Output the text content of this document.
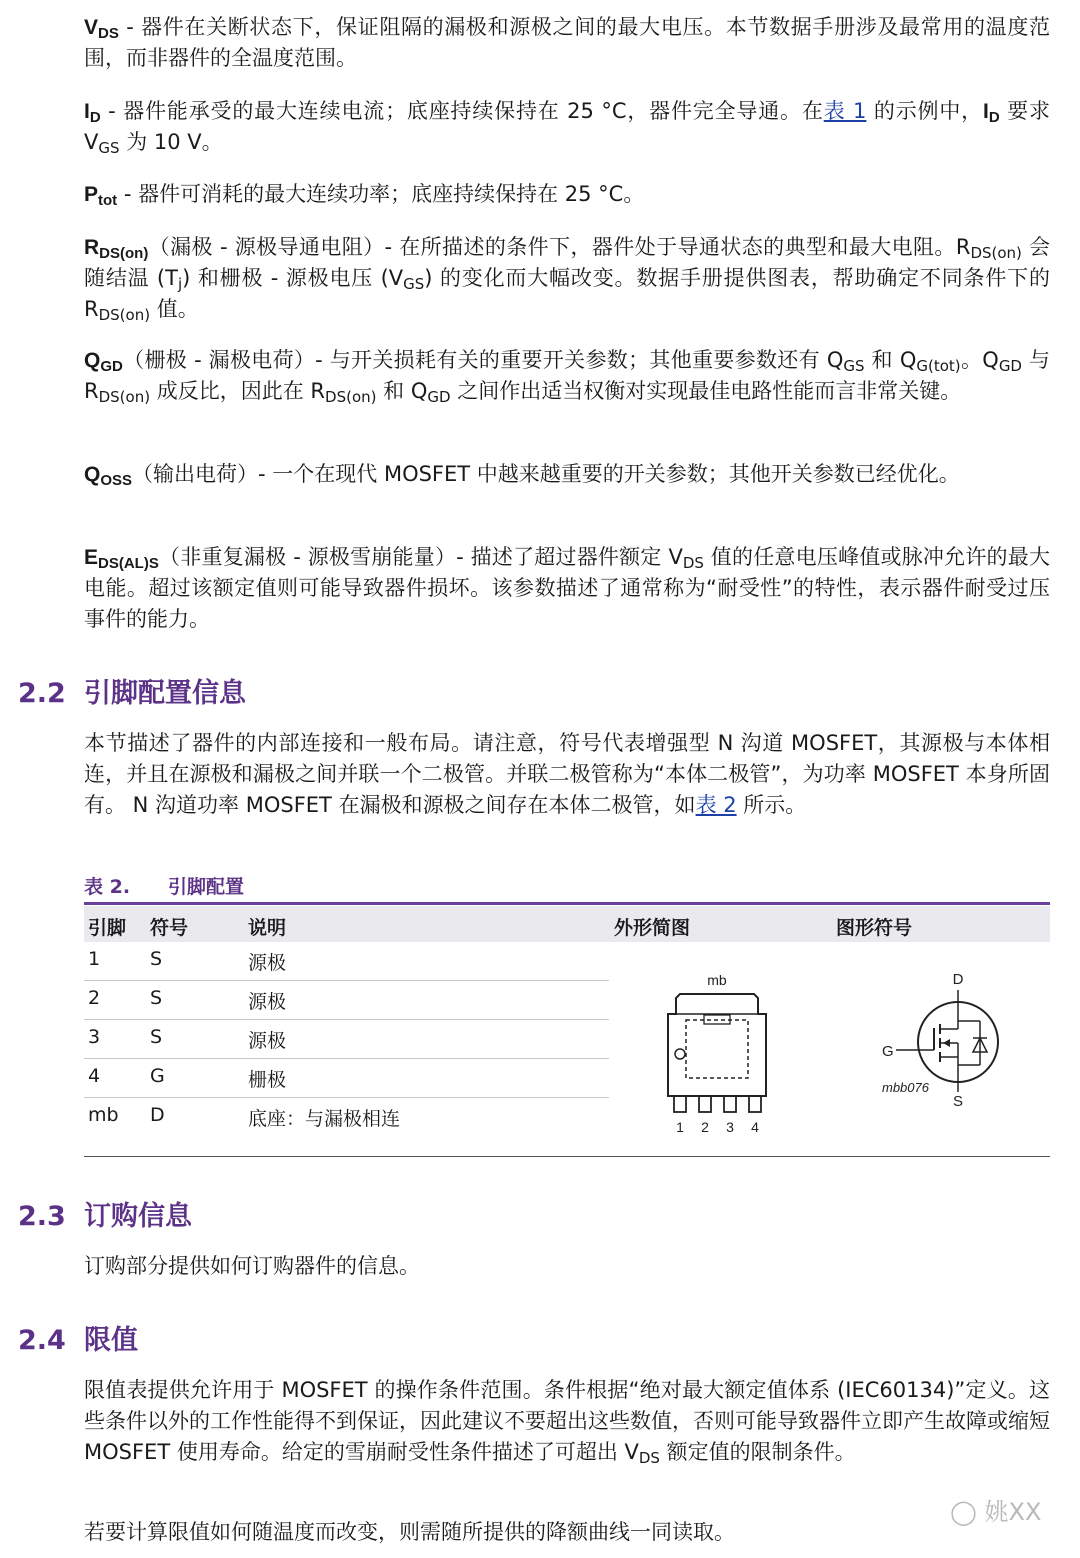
$V_{DS}$ - 器件在关断状态下，保证阻隔的漏极和源极之间的最大电压。本节数据手册涉及最常用的温度范围，而非器件的全温度范围。
$I_D$ - 器件能承受的最大连续电流；底座持续保持在 25 °C，器件完全导通。在表 1 的示例中，$I_D$ 要求 $V_{GS}$ 为 10 V。
$P_{tot}$ - 器件可消耗的最大连续功率；底座持续保持在 25 °C。
$R_{DS(on)}$（漏极 - 源极导通电阻）- 在所描述的条件下，器件处于导通状态的典型和最大电阻。$R_{DS(on)}$ 会随结温 $(T_j)$ 和栅极 - 源极电压 $(V_{GS})$ 的变化而大幅改变。数据手册提供图表，帮助确定不同条件下的 $R_{DS(on)}$ 值。
$Q_{GD}$（栅极 - 漏极电荷）- 与开关损耗有关的重要开关参数；其他重要参数还有 $Q_{GS}$ 和 $Q_{G(tot)}$。$Q_{GD}$ 与 $R_{DS(on)}$ 成反比，因此在 $R_{DS(on)}$ 和 $Q_{GD}$ 之间作出适当权衡对实现最佳电路性能而言非常关键。
$Q_{OSS}$（输出电荷）- 一个在现代 MOSFET 中越来越重要的开关参数；其他开关参数已经优化。
$E_{DS(AL)S}$（非重复漏极 - 源极雪崩能量）- 描述了超过器件额定 $V_{DS}$ 值的任意电压峰值或脉冲允许的最大电能。超过该额定值则可能导致器件损坏。该参数描述了通常称为“耐受性”的特性，表示器件耐受过压事件的能力。
2.2 引脚配置信息
本节描述了器件的内部连接和一般布局。请注意，符号代表增强型 N 沟道 MOSFET，其源极与本体相连，并且在源极和漏极之间并联一个二极管。并联二极管称为“本体二极管”，为功率 MOSFET 本身所固有。 N 沟道功率 MOSFET 在漏极和源极之间存在本体二极管，如表 2 所示。
表 2. 引脚配置
引脚 符号	说明	外形简图	图形符号
1	S	源极
2	S	源极
3	S	源极
4	G	栅极
mb D	底座：与漏极相连
mb
1 2 3 4
D
G
mbb076
S
2.3 订购信息
订购部分提供如何订购器件的信息。
2.4 限值
限值表提供允许用于 MOSFET 的操作条件范围。条件根据“绝对最大额定值体系 (IEC60134)”定义。这些条件以外的工作性能得不到保证，因此建议不要超出这些数值，否则可能导致器件立即产生故障或缩短 MOSFET 使用寿命。给定的雪崩耐受性条件描述了可超出 $V_{DS}$ 额定值的限制条件。
若要计算限值如何随温度而改变，则需随所提供的降额曲线一同读取。
◯ 姚XX
